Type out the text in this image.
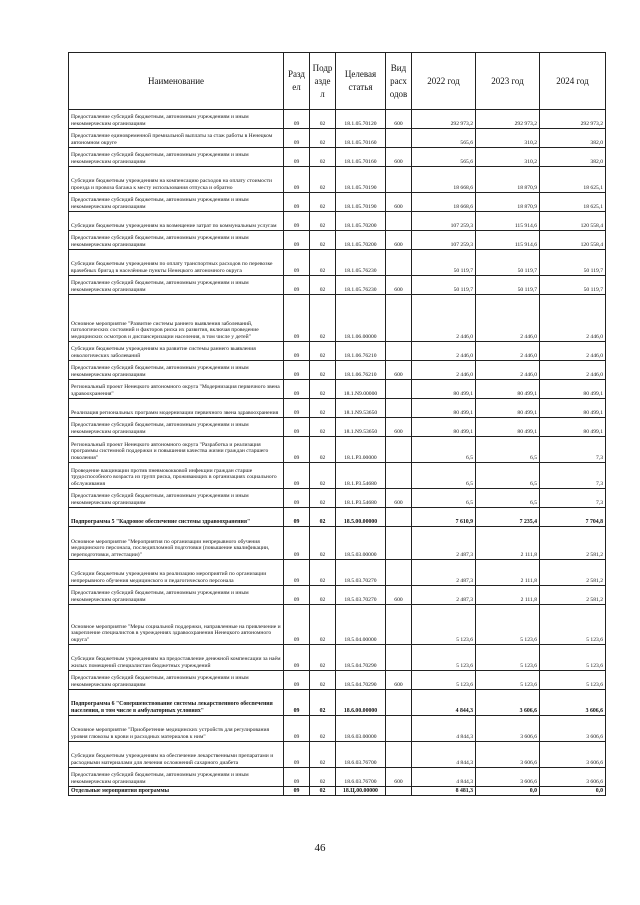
Наименование	Разд ел	Подр азде л	Целевая статья	Вид расх одов	2022 год	2023 год	2024 год
Предоставление субсидий бюджетным, автономным учреждениям и иным некоммерческим организациям	09	02	18.1.05.70120	600	292 973,2	292 973,2	292 973,2
Предоставление единовременной премиальной выплаты за стаж работы в Ненецком автономном округе	09	02	18.1.05.70160		565,6	310,2	382,0
Предоставление субсидий бюджетным, автономным учреждениям и иным некоммерческим организациям	09	02	18.1.05.70160	600	565,6	310,2	382,0
Субсидии бюджетным учреждениям на компенсацию расходов на оплату стоимости проезда и провоза багажа к месту использования отпуска и обратно	09	02	18.1.05.70190		18 668,6	18 870,9	18 625,1
Предоставление субсидий бюджетным, автономным учреждениям и иным некоммерческим организациям	09	02	18.1.05.70190	600	18 668,6	18 870,9	18 625,1
Субсидии бюджетным учреждениям на возмещение затрат по коммунальным услугам	09	02	18.1.05.70200		107 259,3	115 914,6	120 558,4
Предоставление субсидий бюджетным, автономным учреждениям и иным некоммерческим организациям	09	02	18.1.05.70200	600	107 259,3	115 914,6	120 558,4
Субсидии бюджетным учреждениям по оплату транспортных расходов по перевозке врачебных бригад в населённые пункты Ненецкого автономного округа	09	02	18.1.05.76230		50 119,7	50 119,7	50 119,7
Предоставление субсидий бюджетным, автономным учреждениям и иным некоммерческим организациям	09	02	18.1.05.76230	600	50 119,7	50 119,7	50 119,7
Основное мероприятие "Развитие системы раннего выявления заболеваний, патологических состояний и факторов риска их развития, включая проведение медицинских осмотров и диспансеризации населения, в том числе у детей"	09	02	18.1.06.00000		2 446,0	2 446,0	2 446,0
Субсидии бюджетным учреждениям на развитие системы раннего выявления онкологических заболеваний	09	02	18.1.06.76210		2 446,0	2 446,0	2 446,0
Предоставление субсидий бюджетным, автономным учреждениям и иным некоммерческим организациям	09	02	18.1.06.76210	600	2 446,0	2 446,0	2 446,0
Региональный проект Ненецкого автономного округа "Модернизация первичного звена здравоохранения"	09	02	18.1.N9.00000		80 499,1	80 499,1	80 499,1
Реализация региональных программ модернизации первичного звена здравоохранения	09	02	18.1.N9.53650		80 499,1	80 499,1	80 499,1
Предоставление субсидий бюджетным, автономным учреждениям и иным некоммерческим организациям	09	02	18.1.N9.53650	600	80 499,1	80 499,1	80 499,1
Региональный проект Ненецкого автономного округа "Разработка и реализация программы системной поддержки и повышения качества жизни граждан старшего поколения"	09	02	18.1.P3.00000		6,5	6,5	7,3
Проведение вакцинации против пневмококковой инфекции граждан старше трудоспособного возраста из групп риска, проживающих в организациях социального обслуживания	09	02	18.1.P3.54680		6,5	6,5	7,3
Предоставление субсидий бюджетным, автономным учреждениям и иным некоммерческим организациям	09	02	18.1.P3.54680	600	6,5	6,5	7,3
Подпрограмма 5 "Кадровое обеспечение системы здравоохранения"	09	02	18.5.00.00000		7 610,9	7 235,4	7 704,8
Основное мероприятие "Мероприятия по организации непрерывного обучения медицинского персонала, последипломной подготовки (повышение квалификации, переподготовки, аттестации)"	09	02	18.5.03.00000		2 487,3	2 111,8	2 581,2
Субсидии бюджетным учреждениям на реализацию мероприятий по организации непрерывного обучения медицинского и педагогического персонала	09	02	18.5.03.70270		2 487,3	2 111,8	2 581,2
Предоставление субсидий бюджетным, автономным учреждениям и иным некоммерческим организациям	09	02	18.5.03.70270	600	2 487,3	2 111,8	2 581,2
Основное мероприятие "Меры социальной поддержки, направленные на привлечение и закрепление специалистов в учреждениях здравоохранения Ненецкого автономного округа"	09	02	18.5.04.00000		5 123,6	5 123,6	5 123,6
Субсидии бюджетным учреждениям на предоставление денежной компенсации за наём жилых помещений специалистам бюджетных учреждений	09	02	18.5.04.70290		5 123,6	5 123,6	5 123,6
Предоставление субсидий бюджетным, автономным учреждениям и иным некоммерческим организациям	09	02	18.5.04.70290	600	5 123,6	5 123,6	5 123,6
Подпрограмма 6 "Совершенствование системы лекарственного обеспечения населения, в том числе в амбулаторных условиях"	09	02	18.6.00.00000		4 844,3	3 606,6	3 606,6
Основное мероприятие "Приобретение медицинских устройств для регулирования уровня глюкозы в крови и расходных материалов к ним"	09	02	18.6.03.00000		4 844,3	3 606,6	3 606,6
Субсидии бюджетным учреждениям на обеспечение лекарственными препаратами и расходными материалами для лечения осложнений сахарного диабета	09	02	18.6.03.76700		4 844,3	3 606,6	3 606,6
Предоставление субсидий бюджетным, автономным учреждениям и иным некоммерческим организациям	09	02	18.6.03.76700	600	4 844,3	3 606,6	3 606,6
Отдельные мероприятия программы	09	02	18.Ц.00.00000		8 481,3	0,0	0,0
46
